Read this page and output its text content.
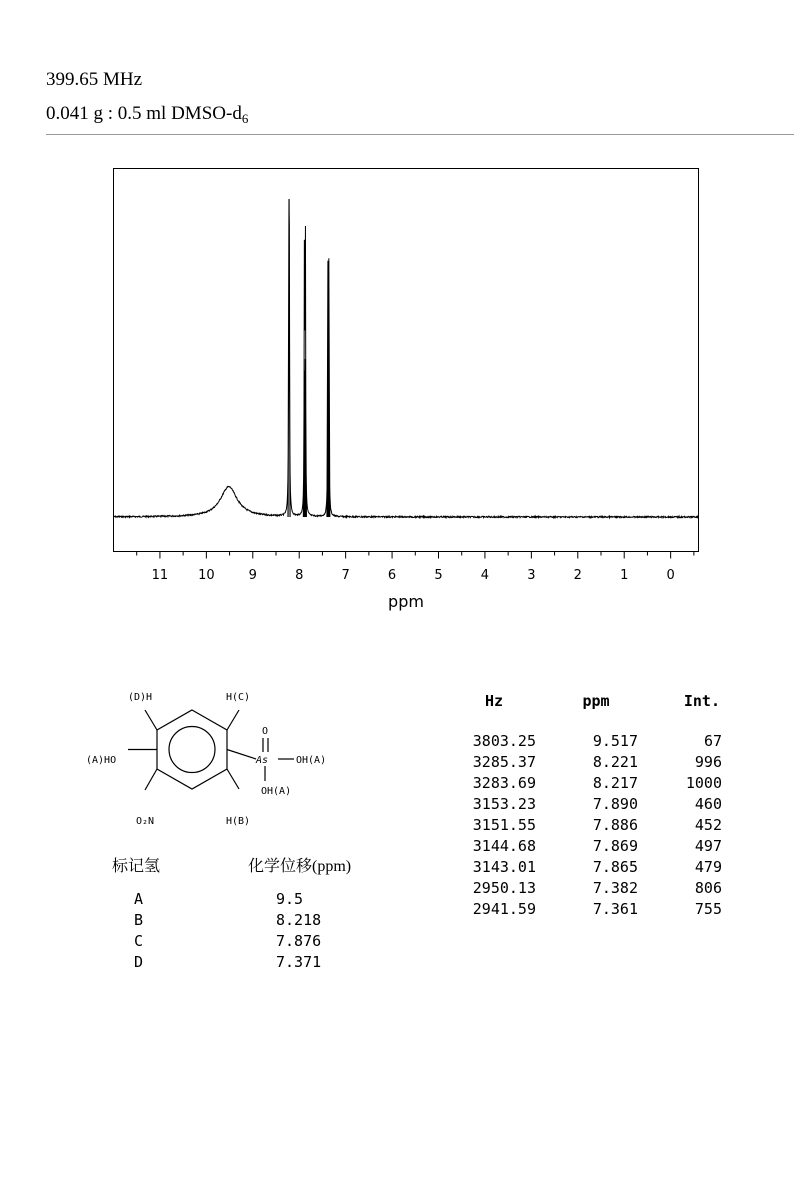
399.65 MHz
0.041 g : 0.5 ml DMSO-$d_6$
11 10	9	8	7	6	5	4	3	2	1	0
ppm
(D)H	H(C)
O
As	OH(A)
OH(A)
(A)HO
O₂N	H(B)
标记氢	化学位移(ppm)
A	9.5
B	8.218
C	7.876
D	7.371
Hz	ppm	Int.

3803.25	9.517	67
3285.37	8.221	996
3283.69	8.217	1000
3153.23	7.890	460
3151.55	7.886	452
3144.68	7.869	497
3143.01	7.865	479
2950.13	7.382	806
2941.59	7.361	755
